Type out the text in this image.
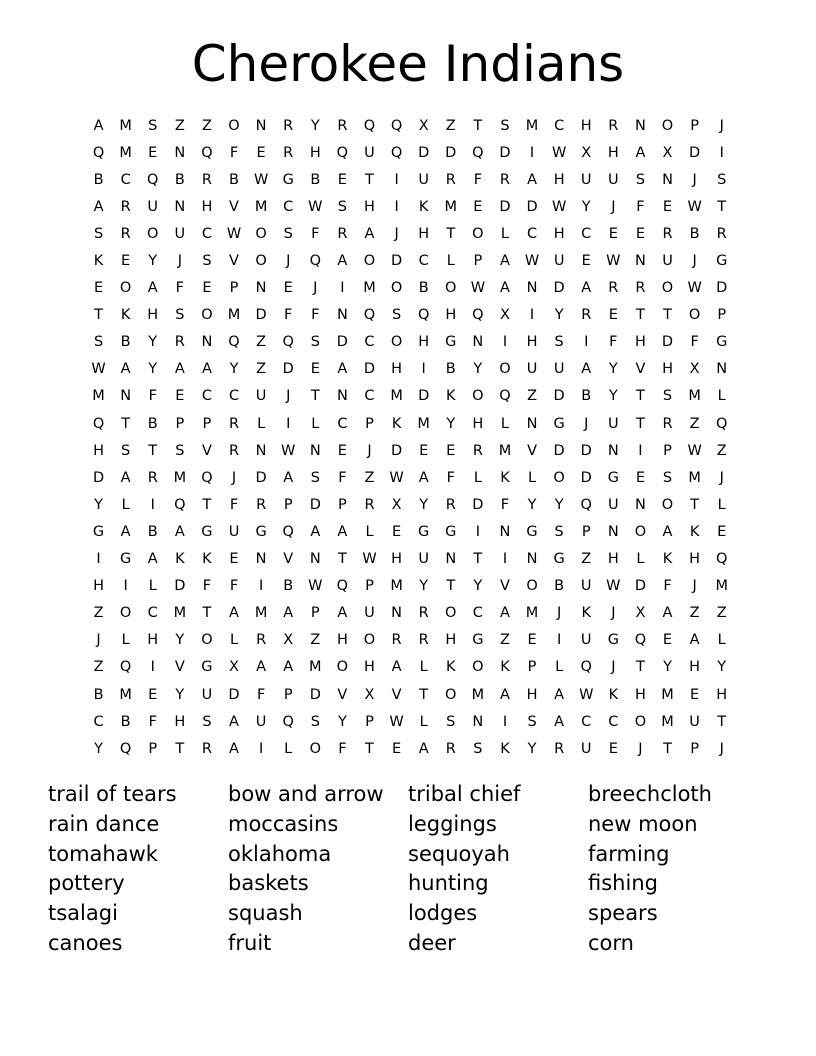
Cherokee Indians
A	M	S	Z	Z	O	N	R	Y	R	Q	Q	X	Z	T	S	M	C	H	R	N	O	P	J
Q	M	E	N	Q	F	E	R	H	Q	U	Q	D	D	Q	D	I	W	X	H	A	X	D	I
B	C	Q	B	R	B	W G	B	E	T	I	U	R	F	R	A	H	U	U	S	N	J	S
A	R	U	N	H	V	M	C	W	S	H	I	K	M	E	D	D W	Y	J	F	E	W	T
S	R	O	U	C	W O	S	F	R	A	J	H	T	O	L	C	H	C	E	E	R	B	R
K	E	Y	J	S	V	O	J	Q	A	O	D	C	L	P	A	W	U	E	W N	U	J	G
E	O	A	F	E	P	N	E	J	I	M	O	B	O W	A	N	D	A	R	R	O W D
T	K	H	S	O	M	D	F	F	N	Q	S	Q	H	Q	X	I	Y	R	E	T	T	O	P
S	B	Y	R	N	Q	Z	Q	S	D	C	O	H	G	N	I	H	S	I	F	H	D	F	G
W	A	Y	A	A	Y	Z	D	E	A	D	H	I	B	Y	O	U	U	A	Y	V	H	X	N
M	N	F	E	C	C	U	J	T	N	C	M	D	K	O	Q	Z	D	B	Y	T	S	M	L
Q	T	B	P	P	R	L	I	L	C	P	K	M	Y	H	L	N	G	J	U	T	R	Z	Q
H	S	T	S	V	R	N	W N	E	J	D	E	E	R	M	V	D	D	N	I	P	W	Z
D	A	R	M	Q	J	D	A	S	F	Z	W	A	F	L	K	L	O	D	G	E	S	M	J
Y	L	I	Q	T	F	R	P	D	P	R	X	Y	R	D	F	Y	Y	Q	U	N	O	T	L
G	A	B	A	G	U	G	Q	A	A	L	E	G	G	I	N	G	S	P	N	O	A	K	E
I	G	A	K	K	E	N	V	N	T	W H	U	N	T	I	N	G	Z	H	L	K	H	Q
H	I	L	D	F	F	I	B	W Q	P	M	Y	T	Y	V	O	B	U	W D	F	J	M
Z	O	C	M	T	A	M	A	P	A	U	N	R	O	C	A	M	J	K	J	X	A	Z	Z
J	L	H	Y	O	L	R	X	Z	H	O	R	R	H	G	Z	E	I	U	G	Q	E	A	L
Z	Q	I	V	G	X	A	A	M	O	H	A	L	K	O	K	P	L	Q	J	T	Y	H	Y
B	M	E	Y	U	D	F	P	D	V	X	V	T	O	M	A	H	A	W	K	H	M	E	H
C	B	F	H	S	A	U	Q	S	Y	P	W	L	S	N	I	S	A	C	C	O	M	U	T
Y	Q	P	T	R	A	I	L	O	F	T	E	A	R	S	K	Y	R	U	E	J	T	P	J
trail of tears
rain dance
tomahawk
pottery
tsalagi
canoes
bow and arrow
moccasins
oklahoma
baskets
squash
fruit
tribal chief
leggings
sequoyah
hunting
lodges
deer
breechcloth
new moon
farming
fishing
spears
corn
